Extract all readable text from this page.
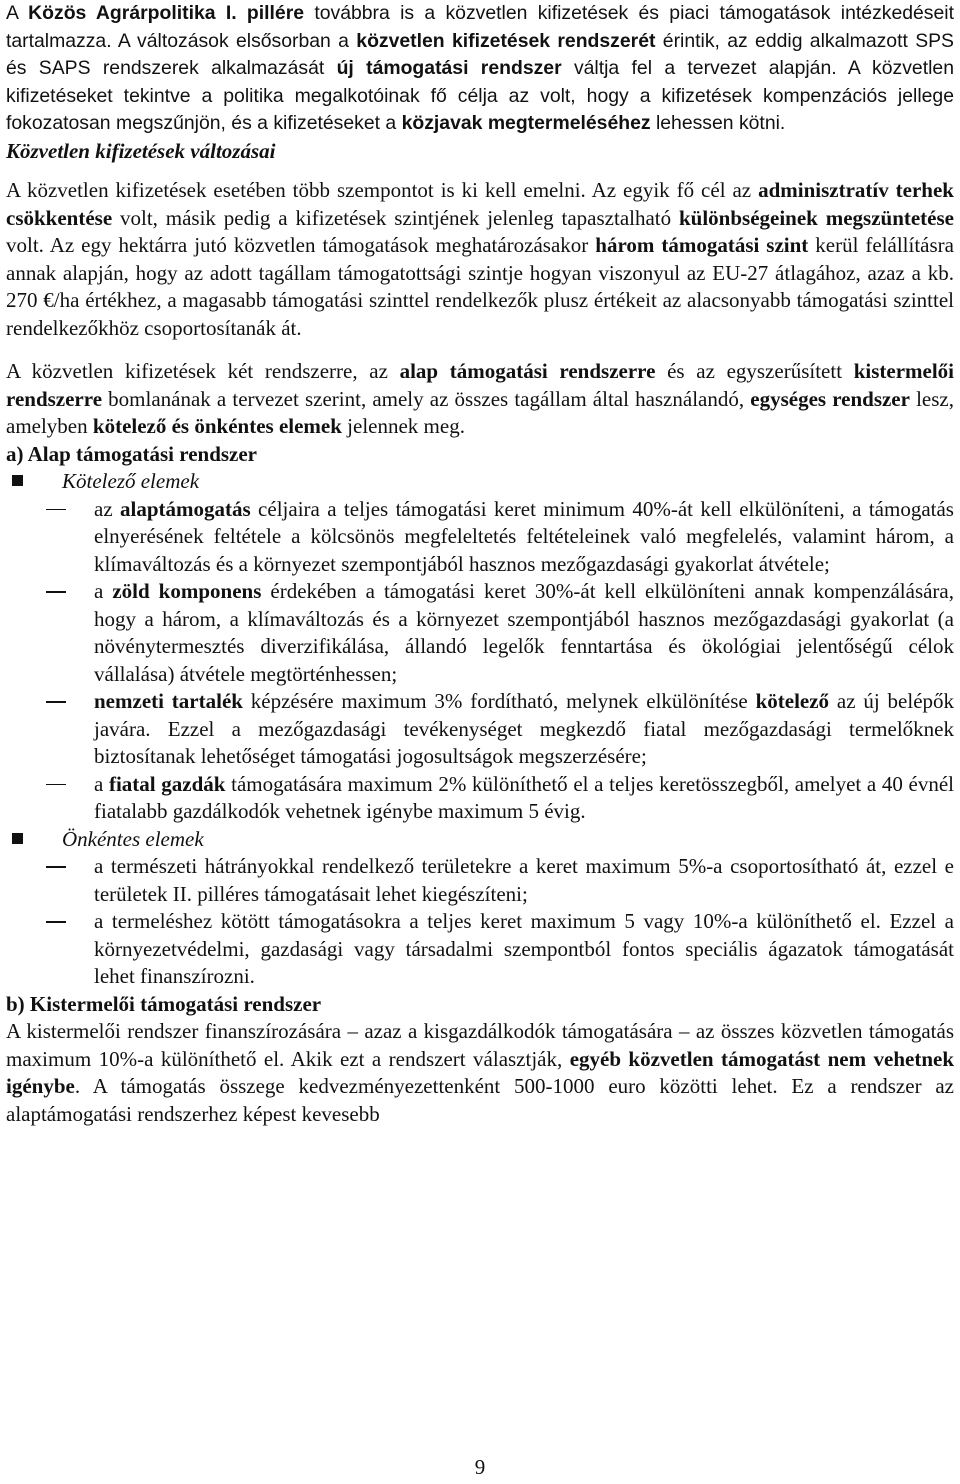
A Közös Agrárpolitika I. pillére továbbra is a közvetlen kifizetések és piaci támogatások intézkedéseit tartalmazza. A változások elsősorban a közvetlen kifizetések rendszerét érintik, az eddig alkalmazott SPS és SAPS rendszerek alkalmazását új támogatási rendszer váltja fel a tervezet alapján. A közvetlen kifizetéseket tekintve a politika megalkotóinak fő célja az volt, hogy a kifizetések kompenzációs jellege fokozatosan megszűnjön, és a kifizetéseket a közjavak megtermeléséhez lehessen kötni.

Közvetlen kifizetések változásai

A közvetlen kifizetések esetében több szempontot is ki kell emelni. Az egyik fő cél az adminisztratív terhek csökkentése volt, másik pedig a kifizetések szintjének jelenleg tapasztalható különbségeinek megszüntetése volt. Az egy hektárra jutó közvetlen támogatások meghatározásakor három támogatási szint kerül felállításra annak alapján, hogy az adott tagállam támogatottsági szintje hogyan viszonyul az EU-27 átlagához, azaz a kb. 270 €/ha értékhez, a magasabb támogatási szinttel rendelkezők plusz értékeit az alacsonyabb támogatási szinttel rendelkezőkhöz csoportosítanák át.

A közvetlen kifizetések két rendszerre, az alap támogatási rendszerre és az egyszerűsített kistermelői rendszerre bomlanának a tervezet szerint, amely az összes tagállam által használandó, egységes rendszer lesz, amelyben kötelező és önkéntes elemek jelennek meg.

a) Alap támogatási rendszer

Kötelező elemek

az alaptámogatás céljaira a teljes támogatási keret minimum 40%-át kell elkülöníteni, a támogatás elnyerésének feltétele a kölcsönös megfeleltetés feltételeinek való megfelelés, valamint három, a klímaváltozás és a környezet szempontjából hasznos mezőgazdasági gyakorlat átvétele;

a zöld komponens érdekében a támogatási keret 30%-át kell elkülöníteni annak kompenzálására, hogy a három, a klímaváltozás és a környezet szempontjából hasznos mezőgazdasági gyakorlat (a növénytermesztés diverzifikálása, állandó legelők fenntartása és ökológiai jelentőségű célok vállalása) átvétele megtörténhessen;

nemzeti tartalék képzésére maximum 3% fordítható, melynek elkülönítése kötelező az új belépők javára. Ezzel a mezőgazdasági tevékenységet megkezdő fiatal mezőgazdasági termelőknek biztosítanak lehetőséget támogatási jogosultságok megszerzésére;

a fiatal gazdák támogatására maximum 2% különíthető el a teljes keretösszegből, amelyet a 40 évnél fiatalabb gazdálkodók vehetnek igénybe maximum 5 évig.

Önkéntes elemek

a természeti hátrányokkal rendelkező területekre a keret maximum 5%-a csoportosítható át, ezzel e területek II. pilléres támogatásait lehet kiegészíteni;

a termeléshez kötött támogatásokra a teljes keret maximum 5 vagy 10%-a különíthető el. Ezzel a környezetvédelmi, gazdasági vagy társadalmi szempontból fontos speciális ágazatok támogatását lehet finanszírozni.

b) Kistermelői támogatási rendszer

A kistermelői rendszer finanszírozására – azaz a kisgazdálkodók támogatására – az összes közvetlen támogatás maximum 10%-a különíthető el. Akik ezt a rendszert választják, egyéb közvetlen támogatást nem vehetnek igénybe. A támogatás összege kedvezményezettenként 500-1000 euro közötti lehet. Ez a rendszer az alaptámogatási rendszerhez képest kevesebb

9
